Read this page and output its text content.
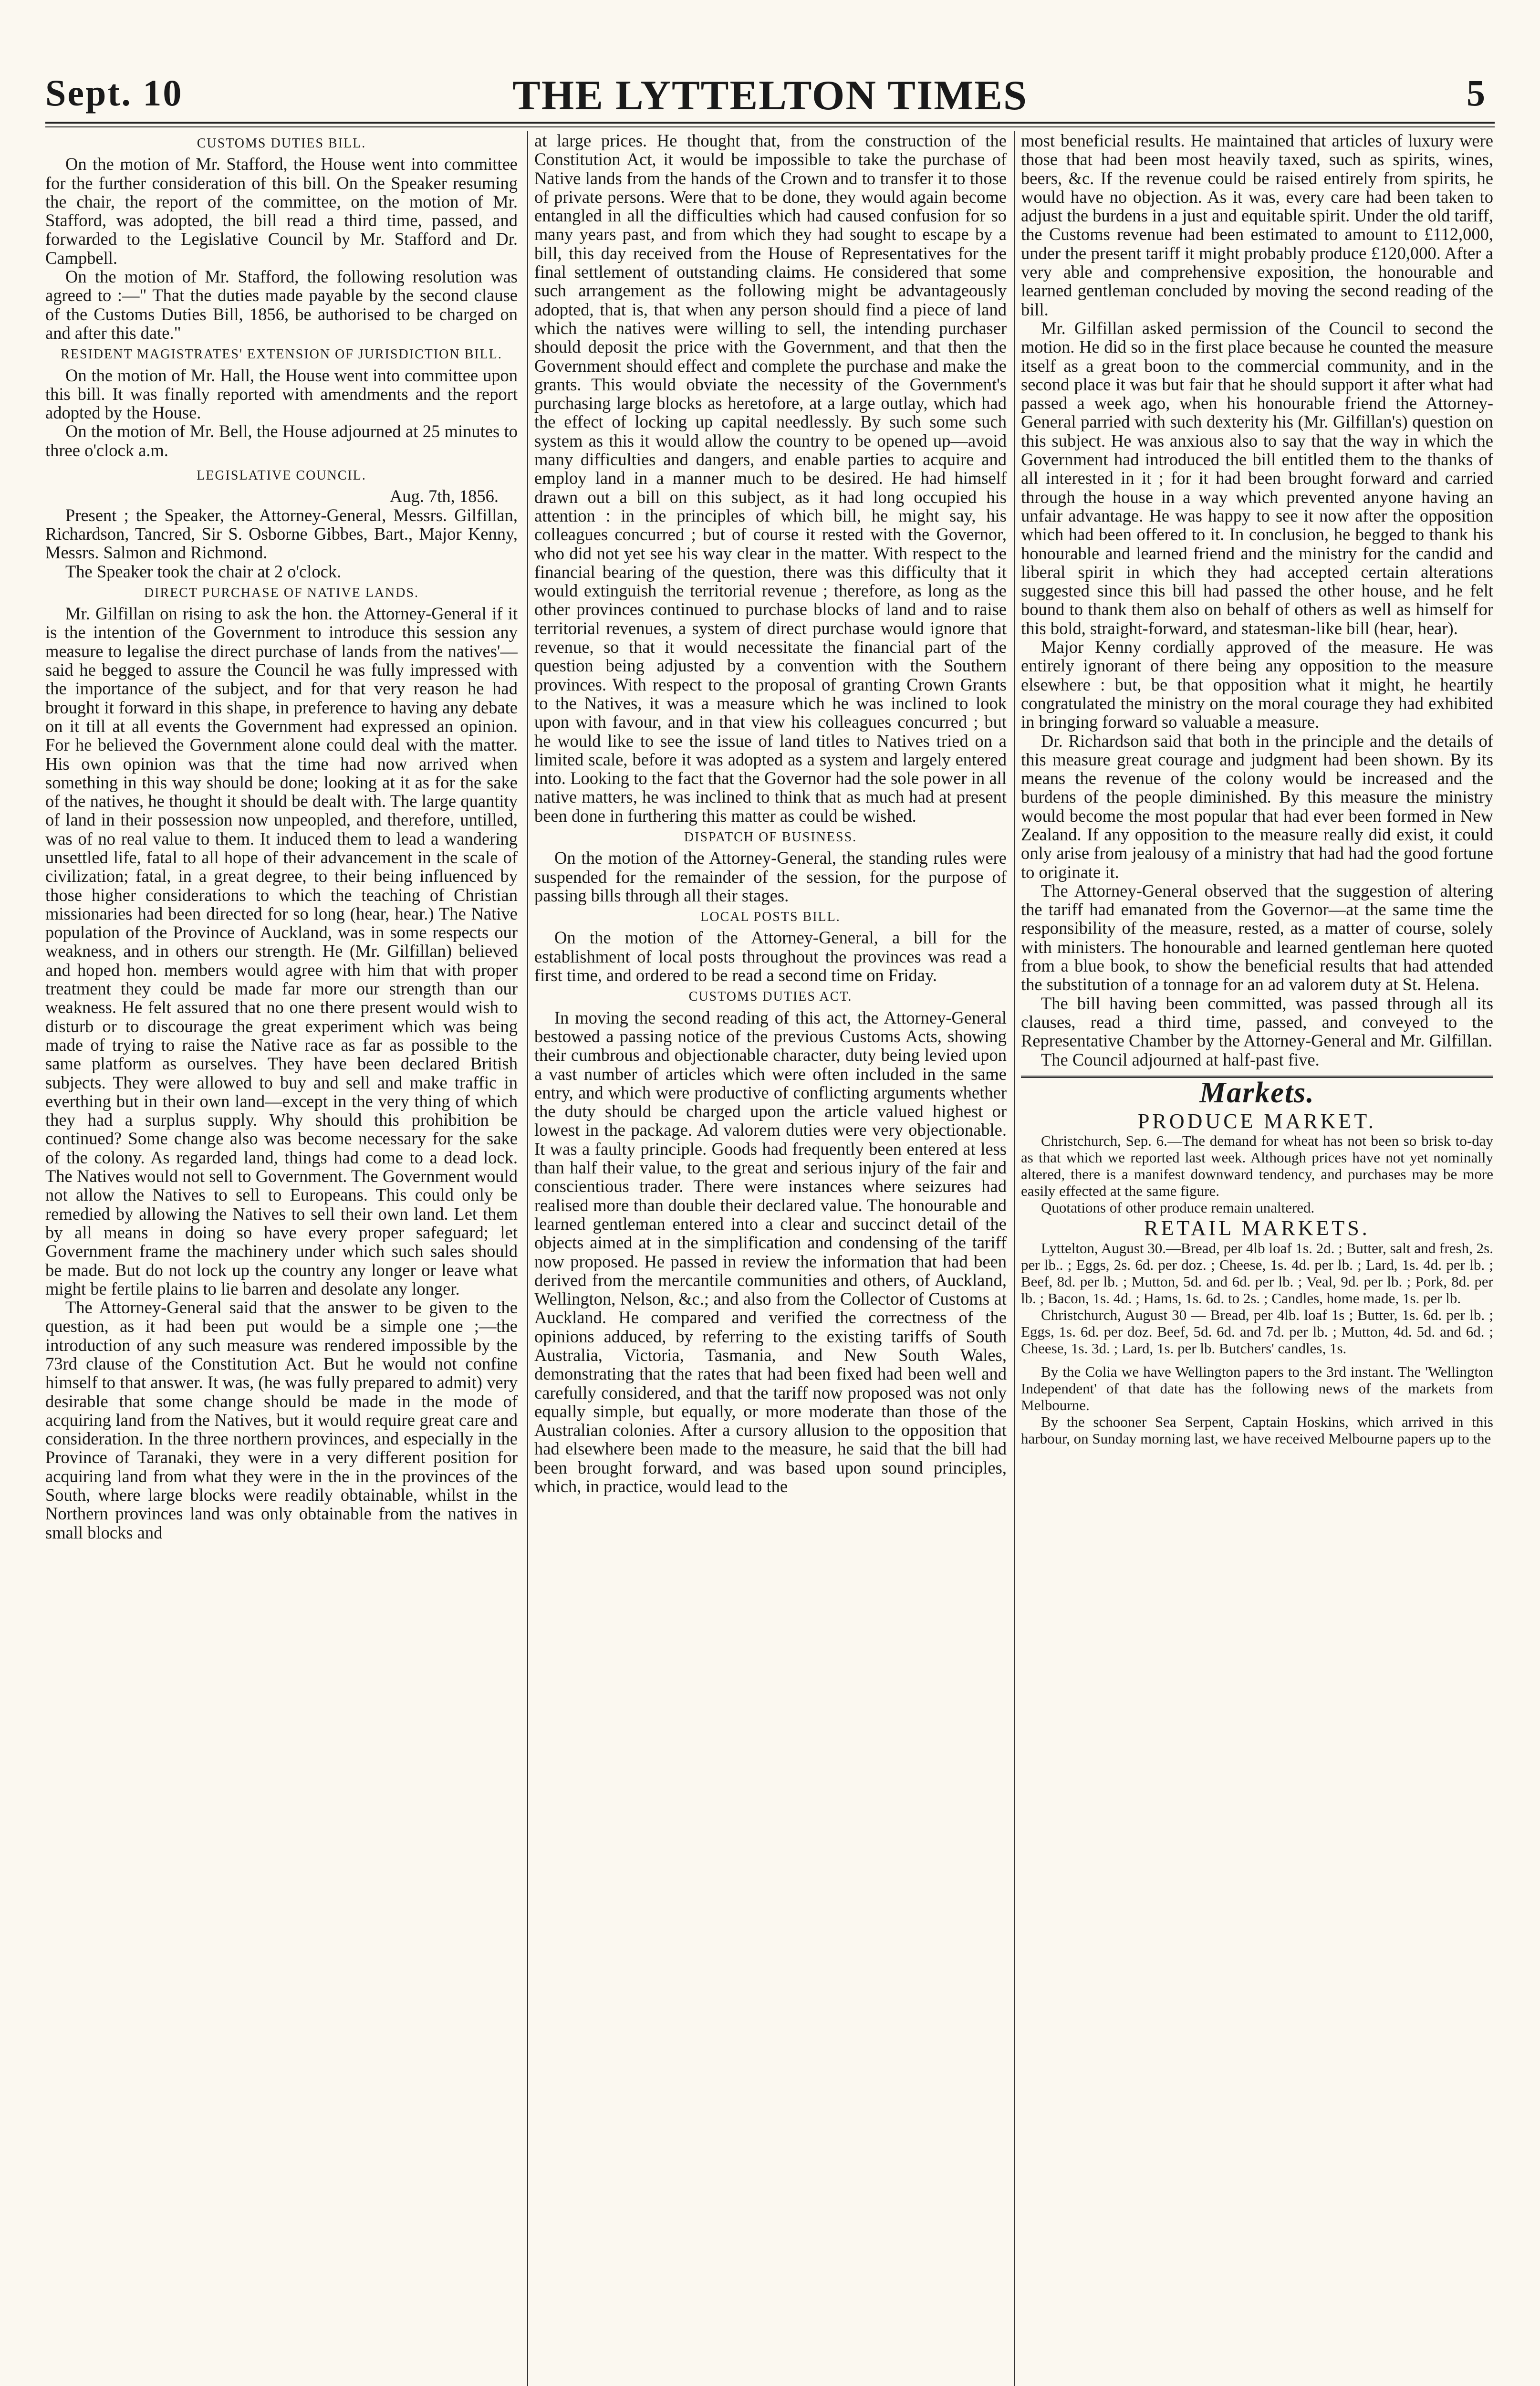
Sept. 10	THE LYTTELTON TIMES	5
CUSTOMS DUTIES BILL.

On the motion of Mr. Stafford, the House went into committee for the further consideration of this bill. On the Speaker resuming the chair, the report of the committee, on the motion of Mr. Stafford, was adopted, the bill read a third time, passed, and forwarded to the Legislative Council by Mr. Stafford and Dr. Campbell.

On the motion of Mr. Stafford, the following resolution was agreed to :—" That the duties made payable by the second clause of the Customs Duties Bill, 1856, be authorised to be charged on and after this date."

RESIDENT MAGISTRATES' EXTENSION OF JURISDICTION BILL.

On the motion of Mr. Hall, the House went into committee upon this bill. It was finally reported with amendments and the report adopted by the House.

On the motion of Mr. Bell, the House adjourned at 25 minutes to three o'clock a.m.

LEGISLATIVE COUNCIL.

Aug. 7th, 1856.

Present ; the Speaker, the Attorney-General, Messrs. Gilfillan, Richardson, Tancred, Sir S. Osborne Gibbes, Bart., Major Kenny, Messrs. Salmon and Richmond.

The Speaker took the chair at 2 o'clock.

DIRECT PURCHASE OF NATIVE LANDS.

Mr. Gilfillan on rising to ask the hon. the Attorney-General if it is the intention of the Government to introduce this session any measure to legalise the direct purchase of lands from the natives'— said he begged to assure the Council he was fully impressed with the importance of the subject, and for that very reason he had brought it forward in this shape, in preference to having any debate on it till at all events the Government had expressed an opinion. For he believed the Government alone could deal with the matter. His own opinion was that the time had now arrived when something in this way should be done; looking at it as for the sake of the natives, he thought it should be dealt with. The large quantity of land in their possession now unpeopled, and therefore, untilled, was of no real value to them. It induced them to lead a wandering unsettled life, fatal to all hope of their advancement in the scale of civilization; fatal, in a great degree, to their being influenced by those higher considerations to which the teaching of Christian missionaries had been directed for so long (hear, hear.) The Native population of the Province of Auckland, was in some respects our weakness, and in others our strength. He (Mr. Gilfillan) believed and hoped hon. members would agree with him that with proper treatment they could be made far more our strength than our weakness. He felt assured that no one there present would wish to disturb or to discourage the great experiment which was being made of trying to raise the Native race as far as possible to the same platform as ourselves. They have been declared British subjects. They were allowed to buy and sell and make traffic in everthing but in their own land—except in the very thing of which they had a surplus supply. Why should this prohibition be continued? Some change also was become necessary for the sake of the colony. As regarded land, things had come to a dead lock. The Natives would not sell to Government. The Government would not allow the Natives to sell to Europeans. This could only be remedied by allowing the Natives to sell their own land. Let them by all means in doing so have every proper safeguard; let Government frame the machinery under which such sales should be made. But do not lock up the country any longer or leave what might be fertile plains to lie barren and desolate any longer.

The Attorney-General said that the answer to be given to the question, as it had been put would be a simple one ;—the introduction of any such measure was rendered impossible by the 73rd clause of the Constitution Act. But he would not confine himself to that answer. It was, (he was fully prepared to admit) very desirable that some change should be made in the mode of acquiring land from the Natives, but it would require great care and consideration. In the three northern provinces, and especially in the Province of Taranaki, they were in a very different position for acquiring land from what they were in the in the provinces of the South, where large blocks were readily obtainable, whilst in the Northern provinces land was only obtainable from the natives in small blocks and

at large prices. He thought that, from the construction of the Constitution Act, it would be impossible to take the purchase of Native lands from the hands of the Crown and to transfer it to those of private persons. Were that to be done, they would again become entangled in all the difficulties which had caused confusion for so many years past, and from which they had sought to escape by a bill, this day received from the House of Representatives for the final settlement of outstanding claims. He considered that some such arrangement as the following might be advantageously adopted, that is, that when any person should find a piece of land which the natives were willing to sell, the intending purchaser should deposit the price with the Government, and that then the Government should effect and complete the purchase and make the grants. This would obviate the necessity of the Government's purchasing large blocks as heretofore, at a large outlay, which had the effect of locking up capital needlessly. By such some such system as this it would allow the country to be opened up—avoid many difficulties and dangers, and enable parties to acquire and employ land in a manner much to be desired. He had himself drawn out a bill on this subject, as it had long occupied his attention : in the principles of which bill, he might say, his colleagues concurred ; but of course it rested with the Governor, who did not yet see his way clear in the matter. With respect to the financial bearing of the question, there was this difficulty that it would extinguish the territorial revenue ; therefore, as long as the other provinces continued to purchase blocks of land and to raise territorial revenues, a system of direct purchase would ignore that revenue, so that it would necessitate the financial part of the question being adjusted by a convention with the Southern provinces. With respect to the proposal of granting Crown Grants to the Natives, it was a measure which he was inclined to look upon with favour, and in that view his colleagues concurred ; but he would like to see the issue of land titles to Natives tried on a limited scale, before it was adopted as a system and largely entered into. Looking to the fact that the Governor had the sole power in all native matters, he was inclined to think that as much had at present been done in furthering this matter as could be wished.

DISPATCH OF BUSINESS.

On the motion of the Attorney-General, the standing rules were suspended for the remainder of the session, for the purpose of passing bills through all their stages.

LOCAL POSTS BILL.

On the motion of the Attorney-General, a bill for the establishment of local posts throughout the provinces was read a first time, and ordered to be read a second time on Friday.

CUSTOMS DUTIES ACT.

In moving the second reading of this act, the Attorney-General bestowed a passing notice of the previous Customs Acts, showing their cumbrous and objectionable character, duty being levied upon a vast number of articles which were often included in the same entry, and which were productive of conflicting arguments whether the duty should be charged upon the article valued highest or lowest in the package. Ad valorem duties were very objectionable. It was a faulty principle. Goods had frequently been entered at less than half their value, to the great and serious injury of the fair and conscientious trader. There were instances where seizures had realised more than double their declared value. The honourable and learned gentleman entered into a clear and succinct detail of the objects aimed at in the simplification and condensing of the tariff now proposed. He passed in review the information that had been derived from the mercantile communities and others, of Auckland, Wellington, Nelson, &c.; and also from the Collector of Customs at Auckland. He compared and verified the correctness of the opinions adduced, by referring to the existing tariffs of South Australia, Victoria, Tasmania, and New South Wales, demonstrating that the rates that had been fixed had been well and carefully considered, and that the tariff now proposed was not only equally simple, but equally, or more moderate than those of the Australian colonies. After a cursory allusion to the opposition that had elsewhere been made to the measure, he said that the bill had been brought forward, and was based upon sound principles, which, in practice, would lead to the

most beneficial results. He maintained that articles of luxury were those that had been most heavily taxed, such as spirits, wines, beers, &c. If the revenue could be raised entirely from spirits, he would have no objection. As it was, every care had been taken to adjust the burdens in a just and equitable spirit. Under the old tariff, the Customs revenue had been estimated to amount to £112,000, under the present tariff it might probably produce £120,000. After a very able and comprehensive exposition, the honourable and learned gentleman concluded by moving the second reading of the bill.

Mr. Gilfillan asked permission of the Council to second the motion. He did so in the first place because he counted the measure itself as a great boon to the commercial community, and in the second place it was but fair that he should support it after what had passed a week ago, when his honourable friend the Attorney-General parried with such dexterity his (Mr. Gilfillan's) question on this subject. He was anxious also to say that the way in which the Government had introduced the bill entitled them to the thanks of all interested in it ; for it had been brought forward and carried through the house in a way which prevented anyone having an unfair advantage. He was happy to see it now after the opposition which had been offered to it. In conclusion, he begged to thank his honourable and learned friend and the ministry for the candid and liberal spirit in which they had accepted certain alterations suggested since this bill had passed the other house, and he felt bound to thank them also on behalf of others as well as himself for this bold, straight-forward, and statesman-like bill (hear, hear).

Major Kenny cordially approved of the measure. He was entirely ignorant of there being any opposition to the measure elsewhere : but, be that opposition what it might, he heartily congratulated the ministry on the moral courage they had exhibited in bringing forward so valuable a measure.

Dr. Richardson said that both in the principle and the details of this measure great courage and judgment had been shown. By its means the revenue of the colony would be increased and the burdens of the people diminished. By this measure the ministry would become the most popular that had ever been formed in New Zealand. If any opposition to the measure really did exist, it could only arise from jealousy of a ministry that had had the good fortune to originate it.

The Attorney-General observed that the suggestion of altering the tariff had emanated from the Governor—at the same time the responsibility of the measure, rested, as a matter of course, solely with ministers. The honourable and learned gentleman here quoted from a blue book, to show the beneficial results that had attended the substitution of a tonnage for an ad valorem duty at St. Helena.

The bill having been committed, was passed through all its clauses, read a third time, passed, and conveyed to the Representative Chamber by the Attorney-General and Mr. Gilfillan.

The Council adjourned at half-past five.

Markets.
PRODUCE MARKET.

Christchurch, Sep. 6.—The demand for wheat has not been so brisk to-day as that which we reported last week. Although prices have not yet nominally altered, there is a manifest downward tendency, and purchases may be more easily effected at the same figure.

Quotations of other produce remain unaltered.

RETAIL MARKETS.

Lyttelton, August 30.—Bread, per 4lb loaf 1s. 2d. ; Butter, salt and fresh, 2s. per lb.. ; Eggs, 2s. 6d. per doz. ; Cheese, 1s. 4d. per lb. ; Lard, 1s. 4d. per lb. ; Beef, 8d. per lb. ; Mutton, 5d. and 6d. per lb. ; Veal, 9d. per lb. ; Pork, 8d. per lb. ; Bacon, 1s. 4d. ; Hams, 1s. 6d. to 2s. ; Candles, home made, 1s. per lb.

Christchurch, August 30 — Bread, per 4lb. loaf 1s ; Butter, 1s. 6d. per lb. ; Eggs, 1s. 6d. per doz. Beef, 5d. 6d. and 7d. per lb. ; Mutton, 4d. 5d. and 6d. ; Cheese, 1s. 3d. ; Lard, 1s. per lb. Butchers' candles, 1s.

By the Colia we have Wellington papers to the 3rd instant. The 'Wellington Independent' of that date has the following news of the markets from Melbourne.

By the schooner Sea Serpent, Captain Hoskins, which arrived in this harbour, on Sunday morning last, we have received Melbourne papers up to the
